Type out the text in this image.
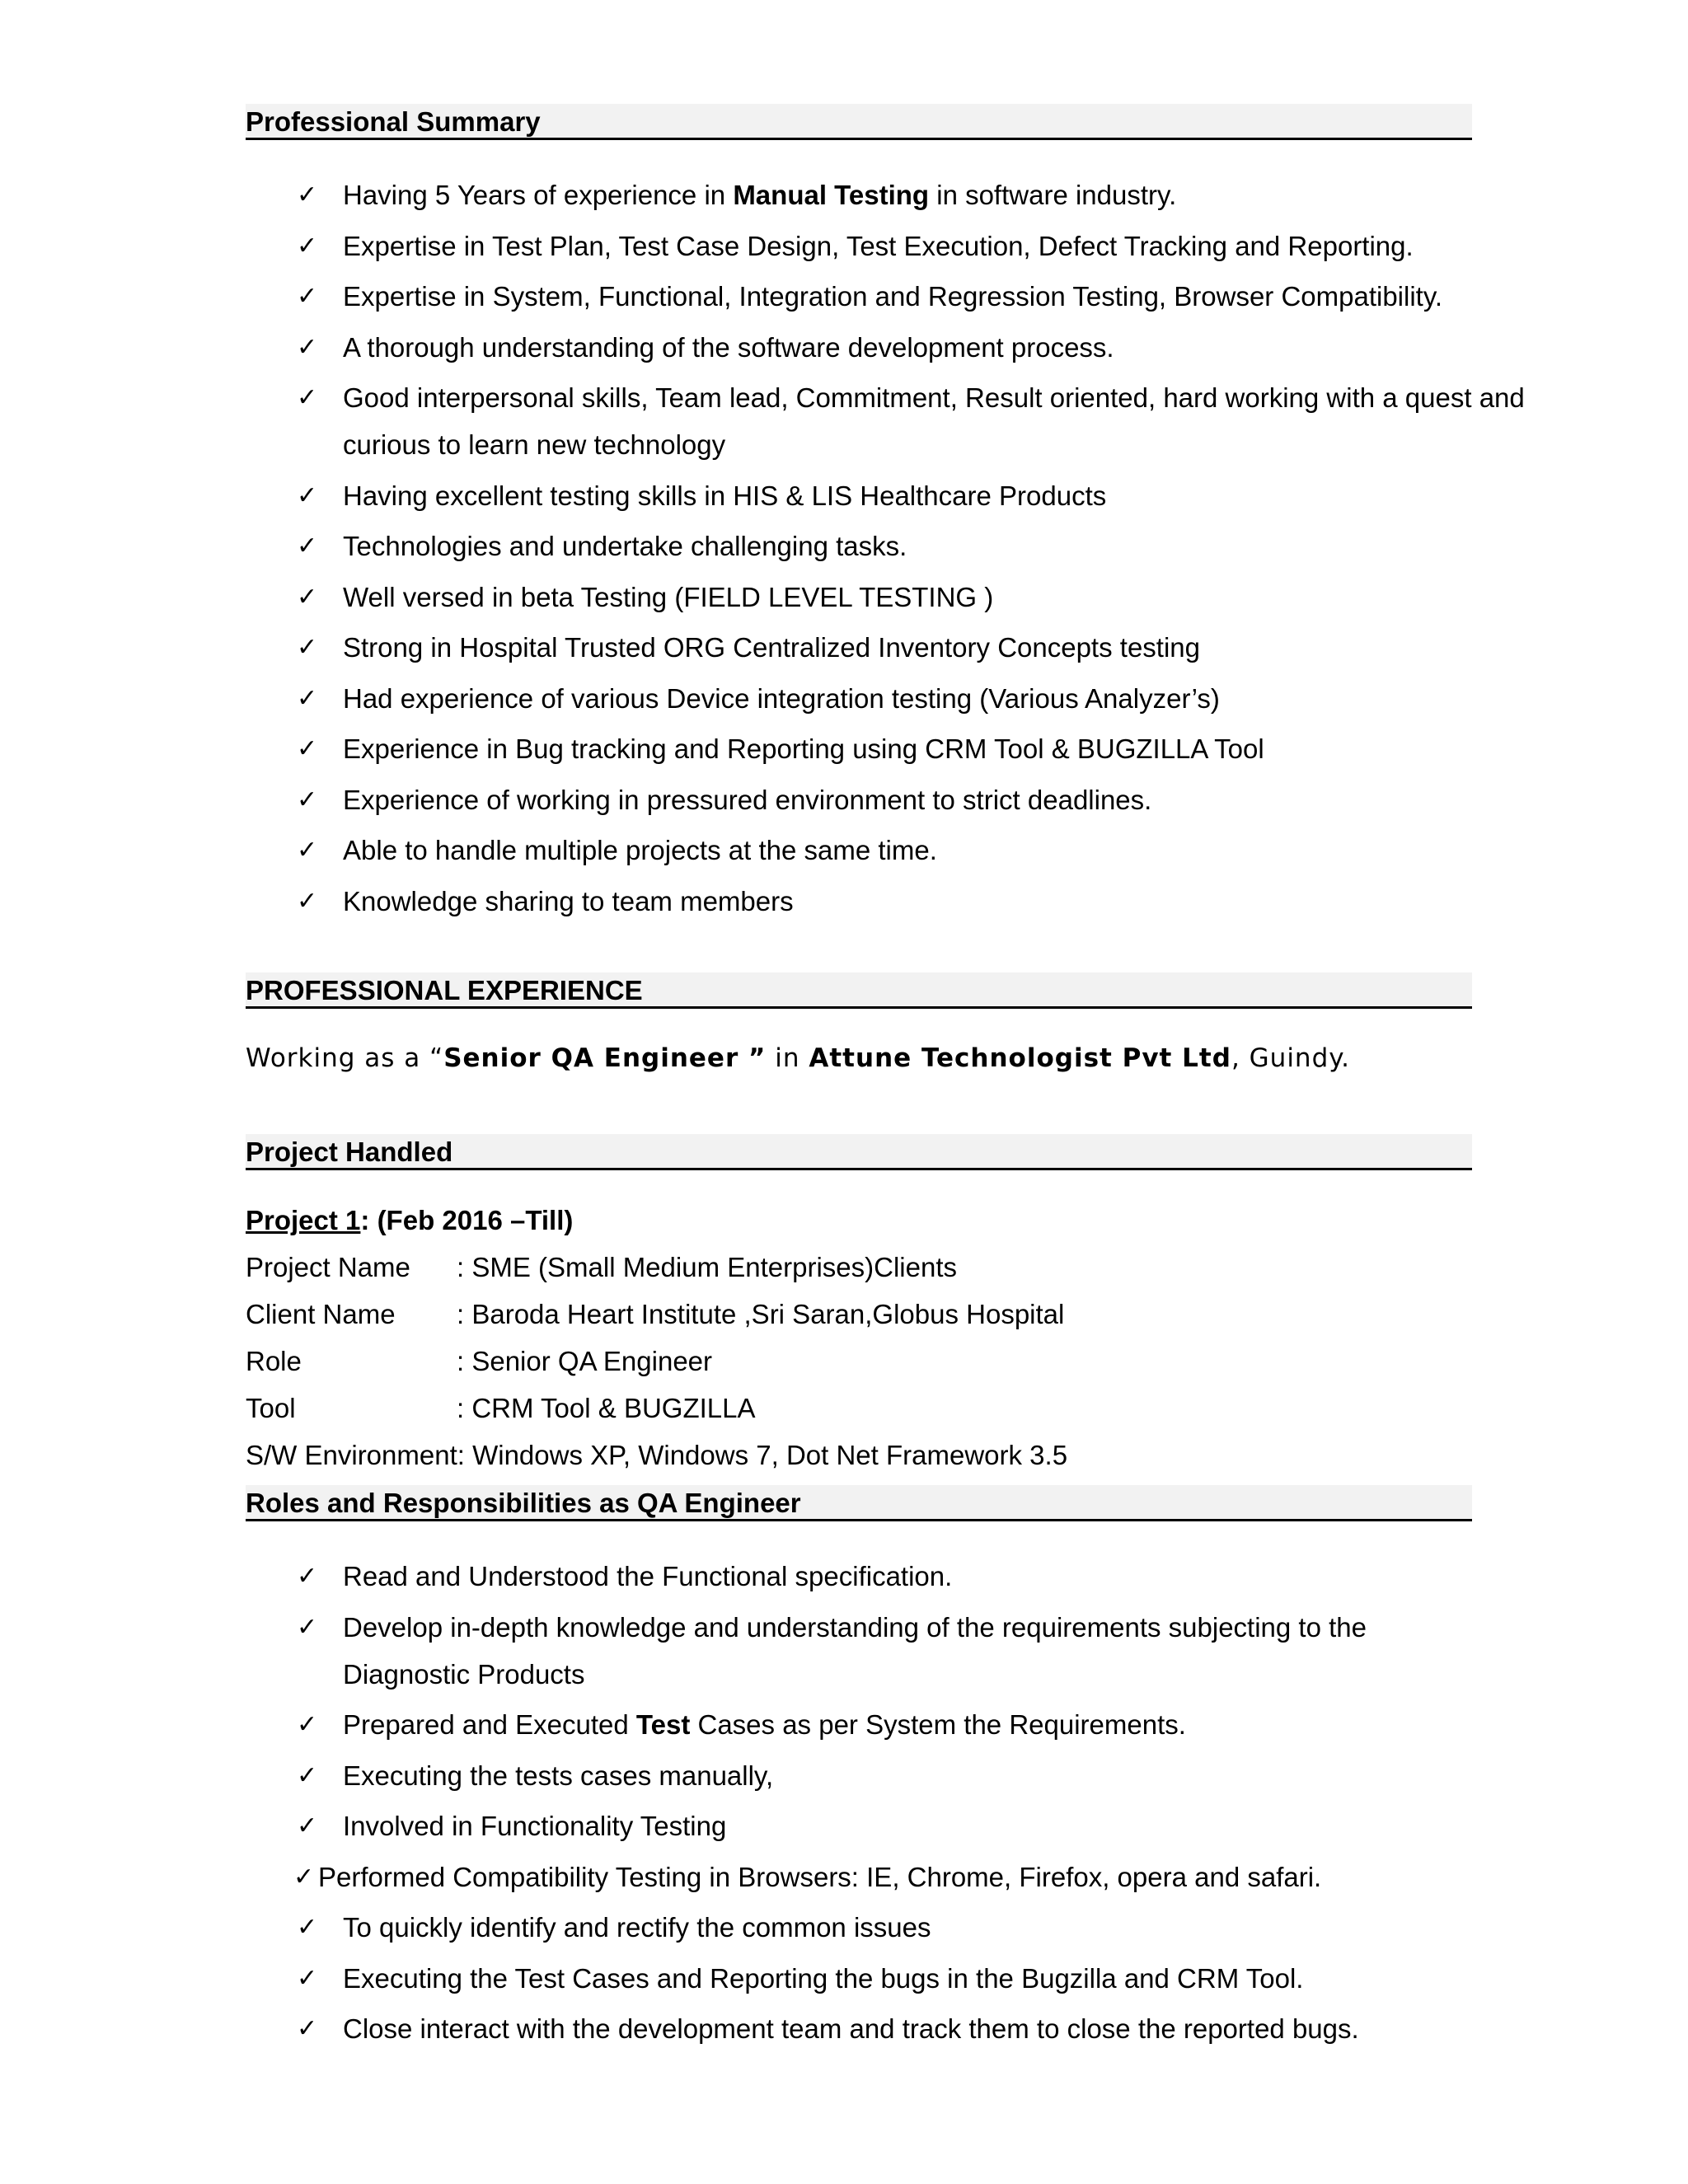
Professional Summary
✓ Having 5 Years of experience in Manual Testing in software industry.
✓ Expertise in Test Plan, Test Case Design, Test Execution, Defect Tracking and Reporting.
✓ Expertise in System, Functional, Integration and Regression Testing, Browser Compatibility.
✓ A thorough understanding of the software development process.
✓ Good interpersonal skills, Team lead, Commitment, Result oriented, hard working with a quest and curious to learn new technology
✓ Having excellent testing skills in HIS & LIS Healthcare Products
✓ Technologies and undertake challenging tasks.
✓ Well versed in beta Testing (FIELD LEVEL TESTING )
✓ Strong in Hospital Trusted ORG Centralized Inventory Concepts testing
✓ Had experience of various Device integration testing (Various Analyzer’s)
✓ Experience in Bug tracking and Reporting using CRM Tool & BUGZILLA Tool
✓ Experience of working in pressured environment to strict deadlines.
✓ Able to handle multiple projects at the same time.
✓ Knowledge sharing to team members
PROFESSIONAL EXPERIENCE
Working as a “Senior QA Engineer ” in Attune Technologist Pvt Ltd, Guindy.
Project Handled
Project 1: (Feb 2016 –Till)
Project Name	: SME (Small Medium Enterprises)Clients
Client Name	: Baroda Heart Institute ,Sri Saran,Globus Hospital
Role	: Senior QA Engineer
Tool	: CRM Tool & BUGZILLA
S/W Environment: Windows XP, Windows 7, Dot Net Framework 3.5
Roles and Responsibilities as QA Engineer
✓ Read and Understood the Functional specification.
✓ Develop in-depth knowledge and understanding of the requirements subjecting to the Diagnostic Products
✓ Prepared and Executed Test Cases as per System the Requirements.
✓ Executing the tests cases manually,
✓ Involved in Functionality Testing
✓ Performed Compatibility Testing in Browsers: IE, Chrome, Firefox, opera and safari.
✓ To quickly identify and rectify the common issues
✓ Executing the Test Cases and Reporting the bugs in the Bugzilla and CRM Tool.
✓ Close interact with the development team and track them to close the reported bugs.
